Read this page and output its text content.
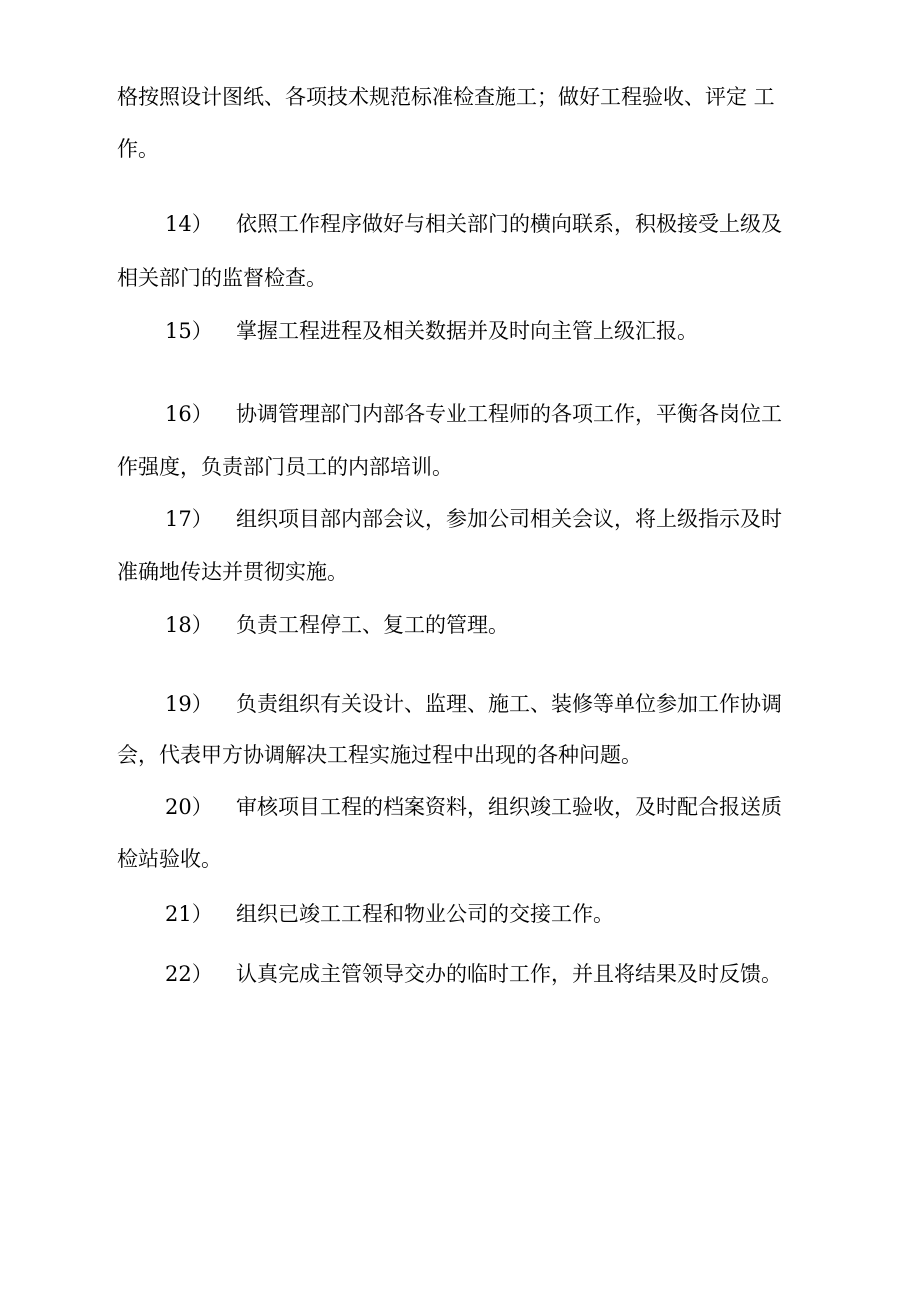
格按照设计图纸、各项技术规范标准检查施工；做好工程验收、评定 工
作。
14） 依照工作程序做好与相关部门的横向联系，积极接受上级及
相关部门的监督检查。
15） 掌握工程进程及相关数据并及时向主管上级汇报。
16） 协调管理部门内部各专业工程师的各项工作，平衡各岗位工
作强度，负责部门员工的内部培训。
17） 组织项目部内部会议，参加公司相关会议，将上级指示及时
准确地传达并贯彻实施。
18） 负责工程停工、复工的管理。
19） 负责组织有关设计、监理、施工、装修等单位参加工作协调
会，代表甲方协调解决工程实施过程中出现的各种问题。
20） 审核项目工程的档案资料，组织竣工验收，及时配合报送质
检站验收。
21） 组织已竣工工程和物业公司的交接工作。
22） 认真完成主管领导交办的临时工作，并且将结果及时反馈。
